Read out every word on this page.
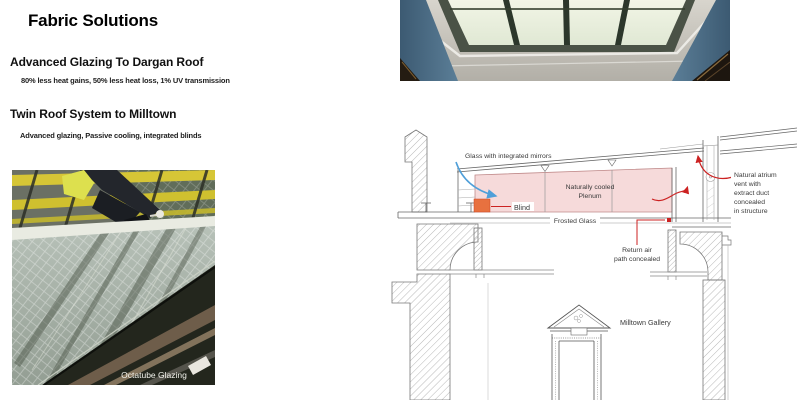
Fabric Solutions
Advanced Glazing To Dargan Roof
80% less heat gains, 50% less heat loss, 1% UV transmission
Twin Roof System to Milltown
Advanced glazing, Passive cooling, integrated blinds
Octatube Glazing
Glass with integrated mirrors
Naturally cooled
Plenum
Blind
Frosted Glass
Natural atrium
vent with
extract duct
concealed
in structure
Return air
path concealed
Milltown Gallery
